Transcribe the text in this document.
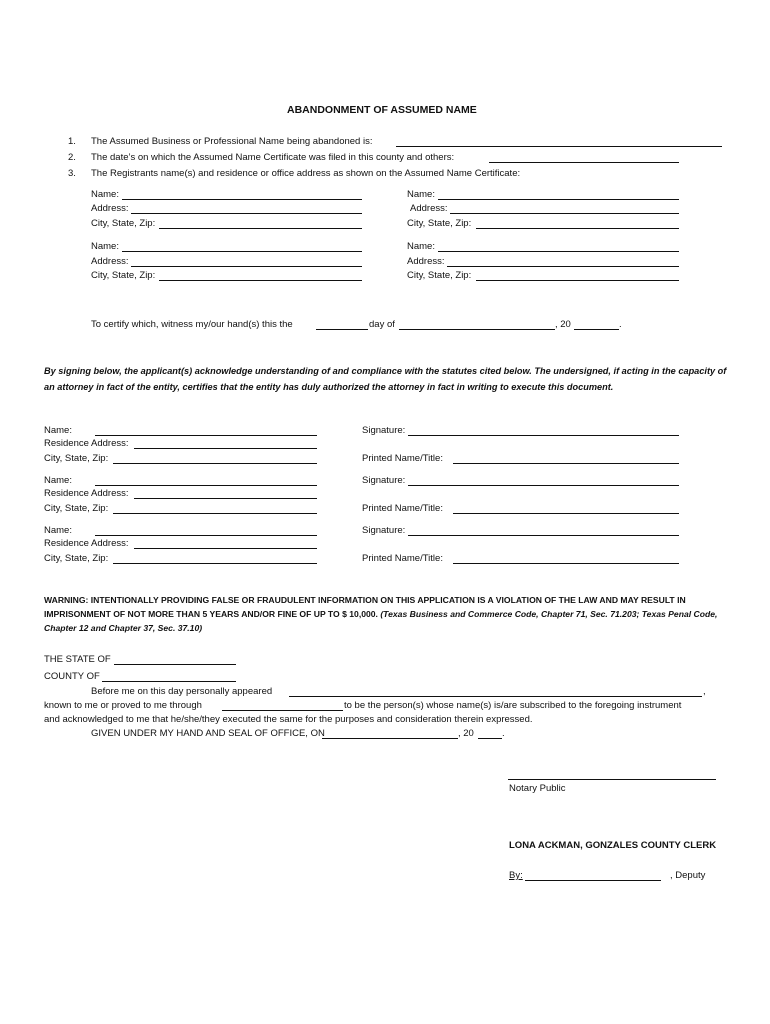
ABANDONMENT OF ASSUMED NAME
1. The Assumed Business or Professional Name being abandoned is:
2. The date’s on which the Assumed Name Certificate was filed in this county and others:
3. The Registrants name(s) and residence or office address as shown on the Assumed Name Certificate:
Name:
Address:
City, State, Zip:
Name:
Address:
City, State, Zip:
Name:
Address:
City, State, Zip:
Name:
Address:
City, State, Zip:
To certify which, witness my/our hand(s) this the	day of	, 20	.
By signing below, the applicant(s) acknowledge understanding of and compliance with the statutes cited below. The undersigned, if acting in the capacity of an attorney in fact of the entity, certifies that the entity has duly authorized the attorney in fact in writing to execute this document.
Name:
Residence Address:
City, State, Zip:
Signature:
Printed Name/Title:
Name:
Residence Address:
City, State, Zip:
Signature:
Printed Name/Title:
Name:
Residence Address:
City, State, Zip:
Signature:
Printed Name/Title:
WARNING: INTENTIONALLY PROVIDING FALSE OR FRAUDULENT INFORMATION ON THIS APPLICATION IS A VIOLATION OF THE LAW AND MAY RESULT IN IMPRISONMENT OF NOT MORE THAN 5 YEARS AND/OR FINE OF UP TO $ 10,000. (Texas Business and Commerce Code, Chapter 71, Sec. 71.203; Texas Penal Code, Chapter 12 and Chapter 37, Sec. 37.10)
THE STATE OF
COUNTY OF
Before me on this day personally appeared	,
known to me or proved to me through	to be the person(s) whose name(s) is/are subscribed to the foregoing instrument
and acknowledged to me that he/she/they executed the same for the purposes and consideration therein expressed.
GIVEN UNDER MY HAND AND SEAL OF OFFICE, ON	, 20	.
Notary Public
LONA ACKMAN, GONZALES COUNTY CLERK
By:	, Deputy
